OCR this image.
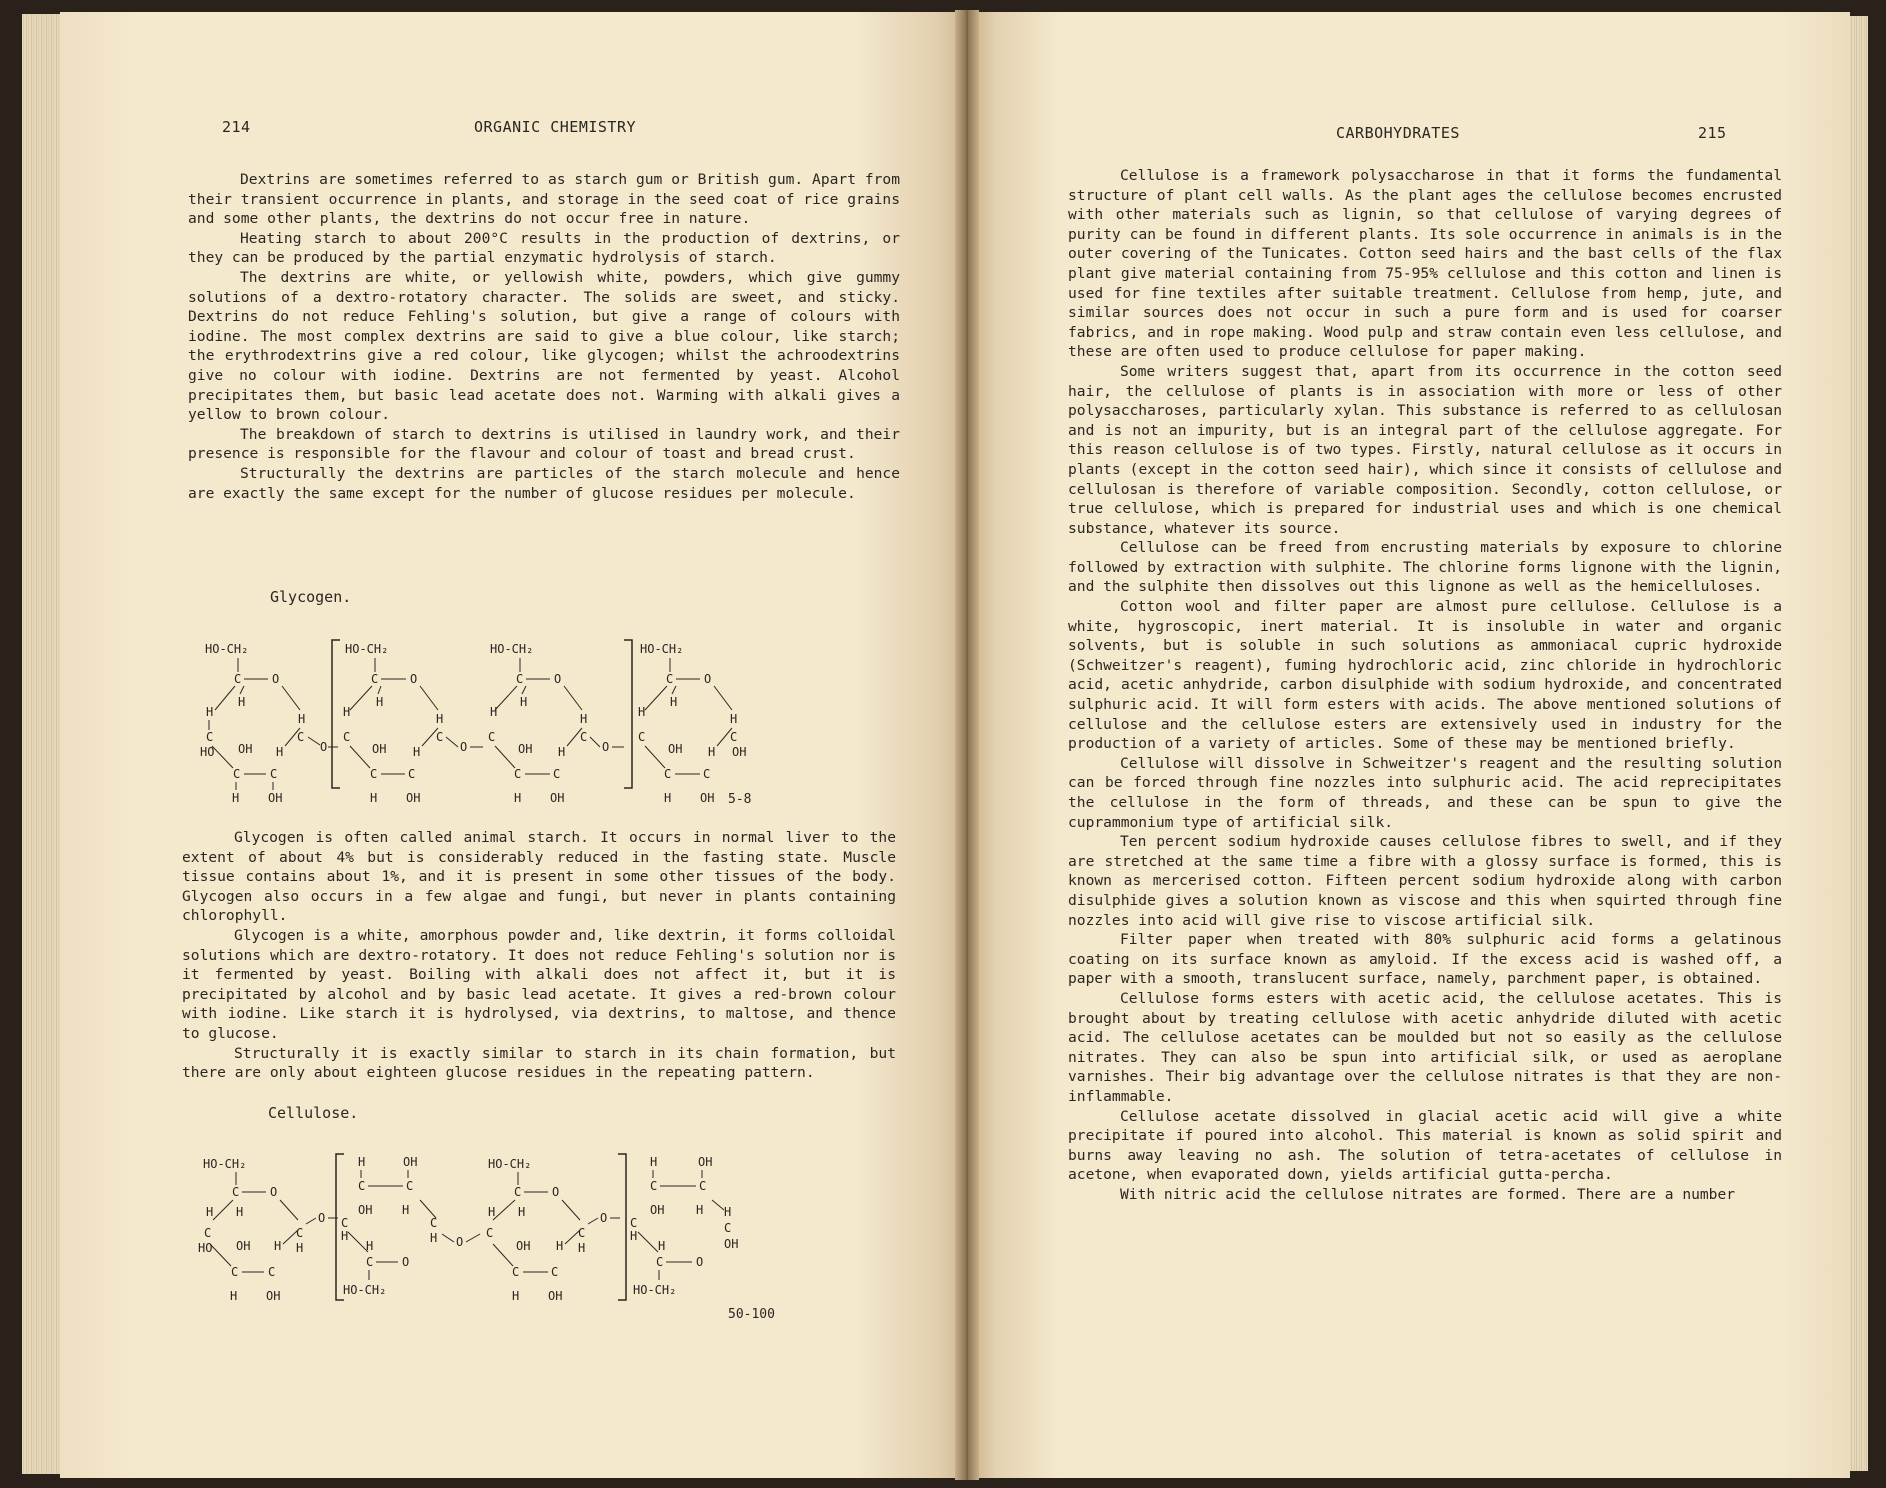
214	ORGANIC CHEMISTRY

Dextrins are sometimes referred to as starch gum or British gum. Apart from their transient occurrence in plants, and storage in the seed coat of rice grains and some other plants, the dextrins do not occur free in nature.

Heating starch to about 200°C results in the production of dextrins, or they can be produced by the partial enzymatic hydrolysis of starch.

The dextrins are white, or yellowish white, powders, which give gummy solutions of a dextro-rotatory character. The solids are sweet, and sticky. Dextrins do not reduce Fehling's solution, but give a range of colours with iodine. The most complex dextrins are said to give a blue colour, like starch; the erythrodextrins give a red colour, like glycogen; whilst the achroodextrins give no colour with iodine. Dextrins are not fermented by yeast. Alcohol precipitates them, but basic lead acetate does not. Warming with alkali gives a yellow to brown colour.

The breakdown of starch to dextrins is utilised in laundry work, and their presence is responsible for the flavour and colour of toast and bread crust.

Structurally the dextrins are particles of the starch molecule and hence are exactly the same except for the number of glucose residues per molecule.

Glycogen.
HO-CH₂
C	O
H
H
C
HO OH H
H
C
O
C C
H OH
HO-CH₂
C	O
H
H
C
OH H
H
C
O
C	C
H OH
HO-CH₂
C	O
H
H
C
OH H
H
C
O
C	C
H OH
HO-CH₂
C	O
H
H
C
OH H
H
C
OH
C	C
H OH 5-8

Glycogen is often called animal starch. It occurs in normal liver to the extent of about 4% but is considerably reduced in the fasting state. Muscle tissue contains about 1%, and it is present in some other tissues of the body. Glycogen also occurs in a few algae and fungi, but never in plants containing chlorophyll.

Glycogen is a white, amorphous powder and, like dextrin, it forms colloidal solutions which are dextro-rotatory. It does not reduce Fehling's solution nor is it fermented by yeast. Boiling with alkali does not affect it, but it is precipitated by alcohol and by basic lead acetate. It gives a red-brown colour with iodine. Like starch it is hydrolysed, via dextrins, to maltose, and thence to glucose.

Structurally it is exactly similar to starch in its chain formation, but there are only about eighteen glucose residues in the repeating pattern.

Cellulose.
HO-CH₂
C	O
H H
C
HO OH H
C
H
C C
H OH
O
H	OH
C	C
OH H
C
H
H
C
H
C O
HO-CH₂
O
HO-CH₂
C	O
H H
C
OH H
C
H
C	C
H OH
O
H	OH
C	C
OH	H
C
H
H
H
C
OH
C	O
HO-CH₂
50-100
CARBOHYDRATES	215

Cellulose is a framework polysaccharose in that it forms the fundamental structure of plant cell walls. As the plant ages the cellulose becomes encrusted with other materials such as lignin, so that cellulose of varying degrees of purity can be found in different plants. Its sole occurrence in animals is in the outer covering of the Tunicates. Cotton seed hairs and the bast cells of the flax plant give material containing from 75-95% cellulose and this cotton and linen is used for fine textiles after suitable treatment. Cellulose from hemp, jute, and similar sources does not occur in such a pure form and is used for coarser fabrics, and in rope making. Wood pulp and straw contain even less cellulose, and these are often used to produce cellulose for paper making.

Some writers suggest that, apart from its occurrence in the cotton seed hair, the cellulose of plants is in association with more or less of other polysaccharoses, particularly xylan. This substance is referred to as cellulosan and is not an impurity, but is an integral part of the cellulose aggregate. For this reason cellulose is of two types. Firstly, natural cellulose as it occurs in plants (except in the cotton seed hair), which since it consists of cellulose and cellulosan is therefore of variable composition. Secondly, cotton cellulose, or true cellulose, which is prepared for industrial uses and which is one chemical substance, whatever its source.

Cellulose can be freed from encrusting materials by exposure to chlorine followed by extraction with sulphite. The chlorine forms lignone with the lignin, and the sulphite then dissolves out this lignone as well as the hemicelluloses.

Cotton wool and filter paper are almost pure cellulose. Cellulose is a white, hygroscopic, inert material. It is insoluble in water and organic solvents, but is soluble in such solutions as ammoniacal cupric hydroxide (Schweitzer's reagent), fuming hydrochloric acid, zinc chloride in hydrochloric acid, acetic anhydride, carbon disulphide with sodium hydroxide, and concentrated sulphuric acid. It will form esters with acids. The above mentioned solutions of cellulose and the cellulose esters are extensively used in industry for the production of a variety of articles. Some of these may be mentioned briefly.

Cellulose will dissolve in Schweitzer's reagent and the resulting solution can be forced through fine nozzles into sulphuric acid. The acid reprecipitates the cellulose in the form of threads, and these can be spun to give the cuprammonium type of artificial silk.

Ten percent sodium hydroxide causes cellulose fibres to swell, and if they are stretched at the same time a fibre with a glossy surface is formed, this is known as mercerised cotton. Fifteen percent sodium hydroxide along with carbon disulphide gives a solution known as viscose and this when squirted through fine nozzles into acid will give rise to viscose artificial silk.

Filter paper when treated with 80% sulphuric acid forms a gelatinous coating on its surface known as amyloid. If the excess acid is washed off, a paper with a smooth, translucent surface, namely, parchment paper, is obtained.

Cellulose forms esters with acetic acid, the cellulose acetates. This is brought about by treating cellulose with acetic anhydride diluted with acetic acid. The cellulose acetates can be moulded but not so easily as the cellulose nitrates. They can also be spun into artificial silk, or used as aeroplane varnishes. Their big advantage over the cellulose nitrates is that they are non-inflammable.

Cellulose acetate dissolved in glacial acetic acid will give a white precipitate if poured into alcohol. This material is known as solid spirit and burns away leaving no ash. The solution of tetra-acetates of cellulose in acetone, when evaporated down, yields artificial gutta-percha.

With nitric acid the cellulose nitrates are formed. There are a number
